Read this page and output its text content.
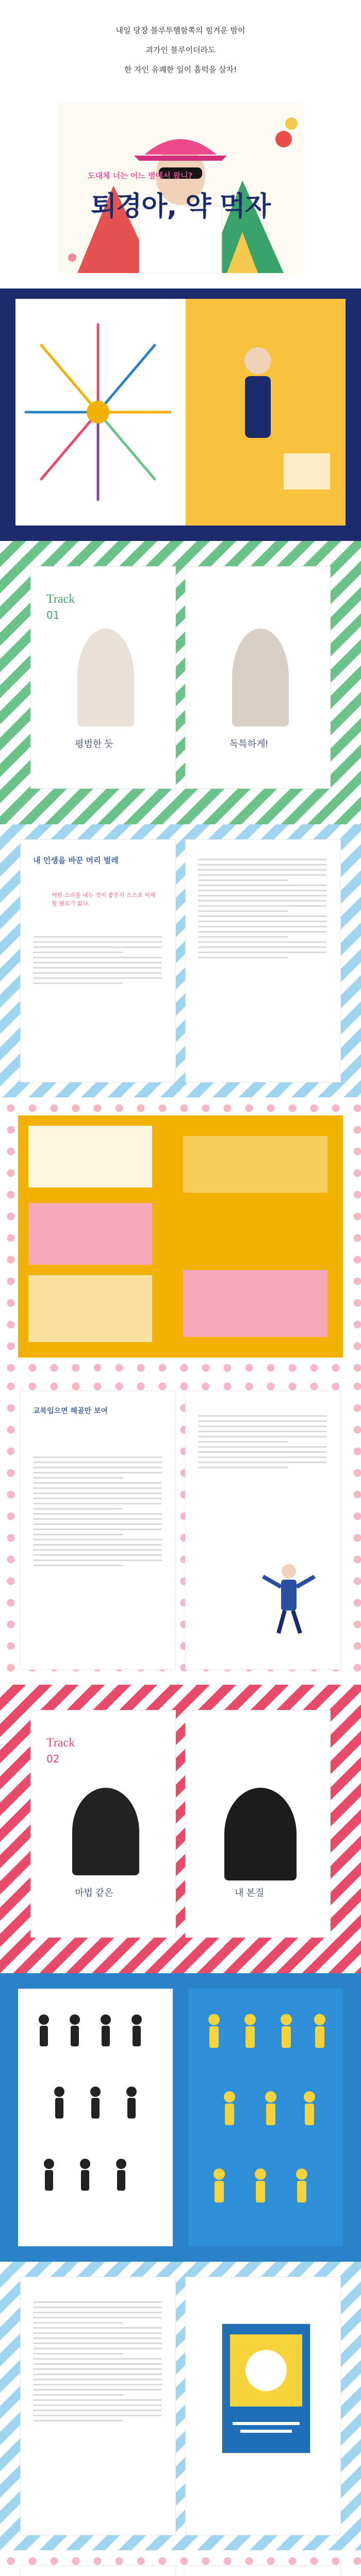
내일 당장 블루투햄함쪽의 힘겨운 밤이
괴가인 블루이더라도
한 자인 유쾌한 일이 흠럭을 살자!
도대체 너는 어느 별에서 왔니?
퇴경아, 약 먹자
Track
01
평범한 듯	독특하게!
내 인생을 바꾼 머리 벌레
어떤 소리를 내는 것이 좋은지 스스로 이해할 필요가 없다.
교복입으면 해골만 보여
Track
02
마법 같은	내 본질
